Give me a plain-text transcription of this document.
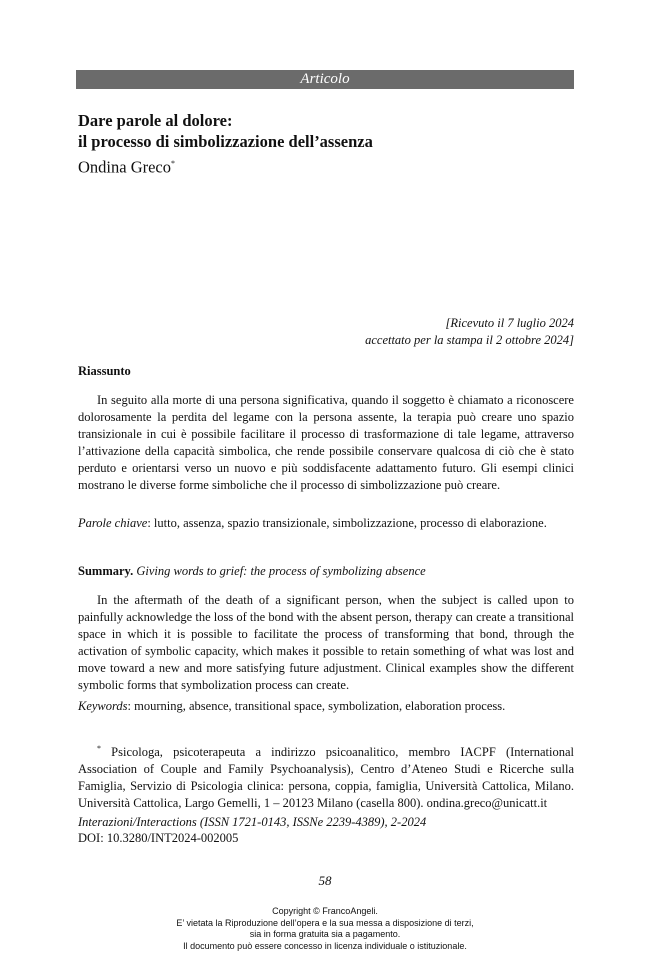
Articolo
Dare parole al dolore:
il processo di simbolizzazione dell’assenza
Ondina Greco*
[Ricevuto il 7 luglio 2024
accettato per la stampa il 2 ottobre 2024]
Riassunto

In seguito alla morte di una persona significativa, quando il soggetto è chiamato a riconoscere dolorosamente la perdita del legame con la persona assente, la terapia può creare uno spazio transizionale in cui è possibile facilitare il processo di trasformazione di tale legame, attraverso l’attivazione della capacità simbolica, che rende possibile conservare qualcosa di ciò che è stato perduto e orientarsi verso un nuovo e più soddisfacente adattamento futuro. Gli esempi clinici mostrano le diverse forme simboliche che il processo di simbolizzazione può creare.

Parole chiave: lutto, assenza, spazio transizionale, simbolizzazione, processo di elaborazione.

Summary. Giving words to grief: the process of symbolizing absence

In the aftermath of the death of a significant person, when the subject is called upon to painfully acknowledge the loss of the bond with the absent person, therapy can create a transitional space in which it is possible to facilitate the process of transforming that bond, through the activation of symbolic capacity, which makes it possible to retain something of what was lost and move toward a new and more satisfying future adjustment. Clinical examples show the different symbolic forms that symbolization process can create.

Keywords: mourning, absence, transitional space, symbolization, elaboration process.

* Psicologa, psicoterapeuta a indirizzo psicoanalitico, membro IACPF (International Association of Couple and Family Psychoanalysis), Centro d’Ateneo Studi e Ricerche sulla Famiglia, Servizio di Psicologia clinica: persona, coppia, famiglia, Università Cattolica, Milano. Università Cattolica, Largo Gemelli, 1 – 20123 Milano (casella 800). ondina.greco@unicatt.it
Interazioni/Interactions (ISSN 1721-0143, ISSNe 2239-4389), 2-2024
DOI: 10.3280/INT2024-002005
58
Copyright © FrancoAngeli.
E’ vietata la Riproduzione dell’opera e la sua messa a disposizione di terzi,
sia in forma gratuita sia a pagamento.
Il documento può essere concesso in licenza individuale o istituzionale.
